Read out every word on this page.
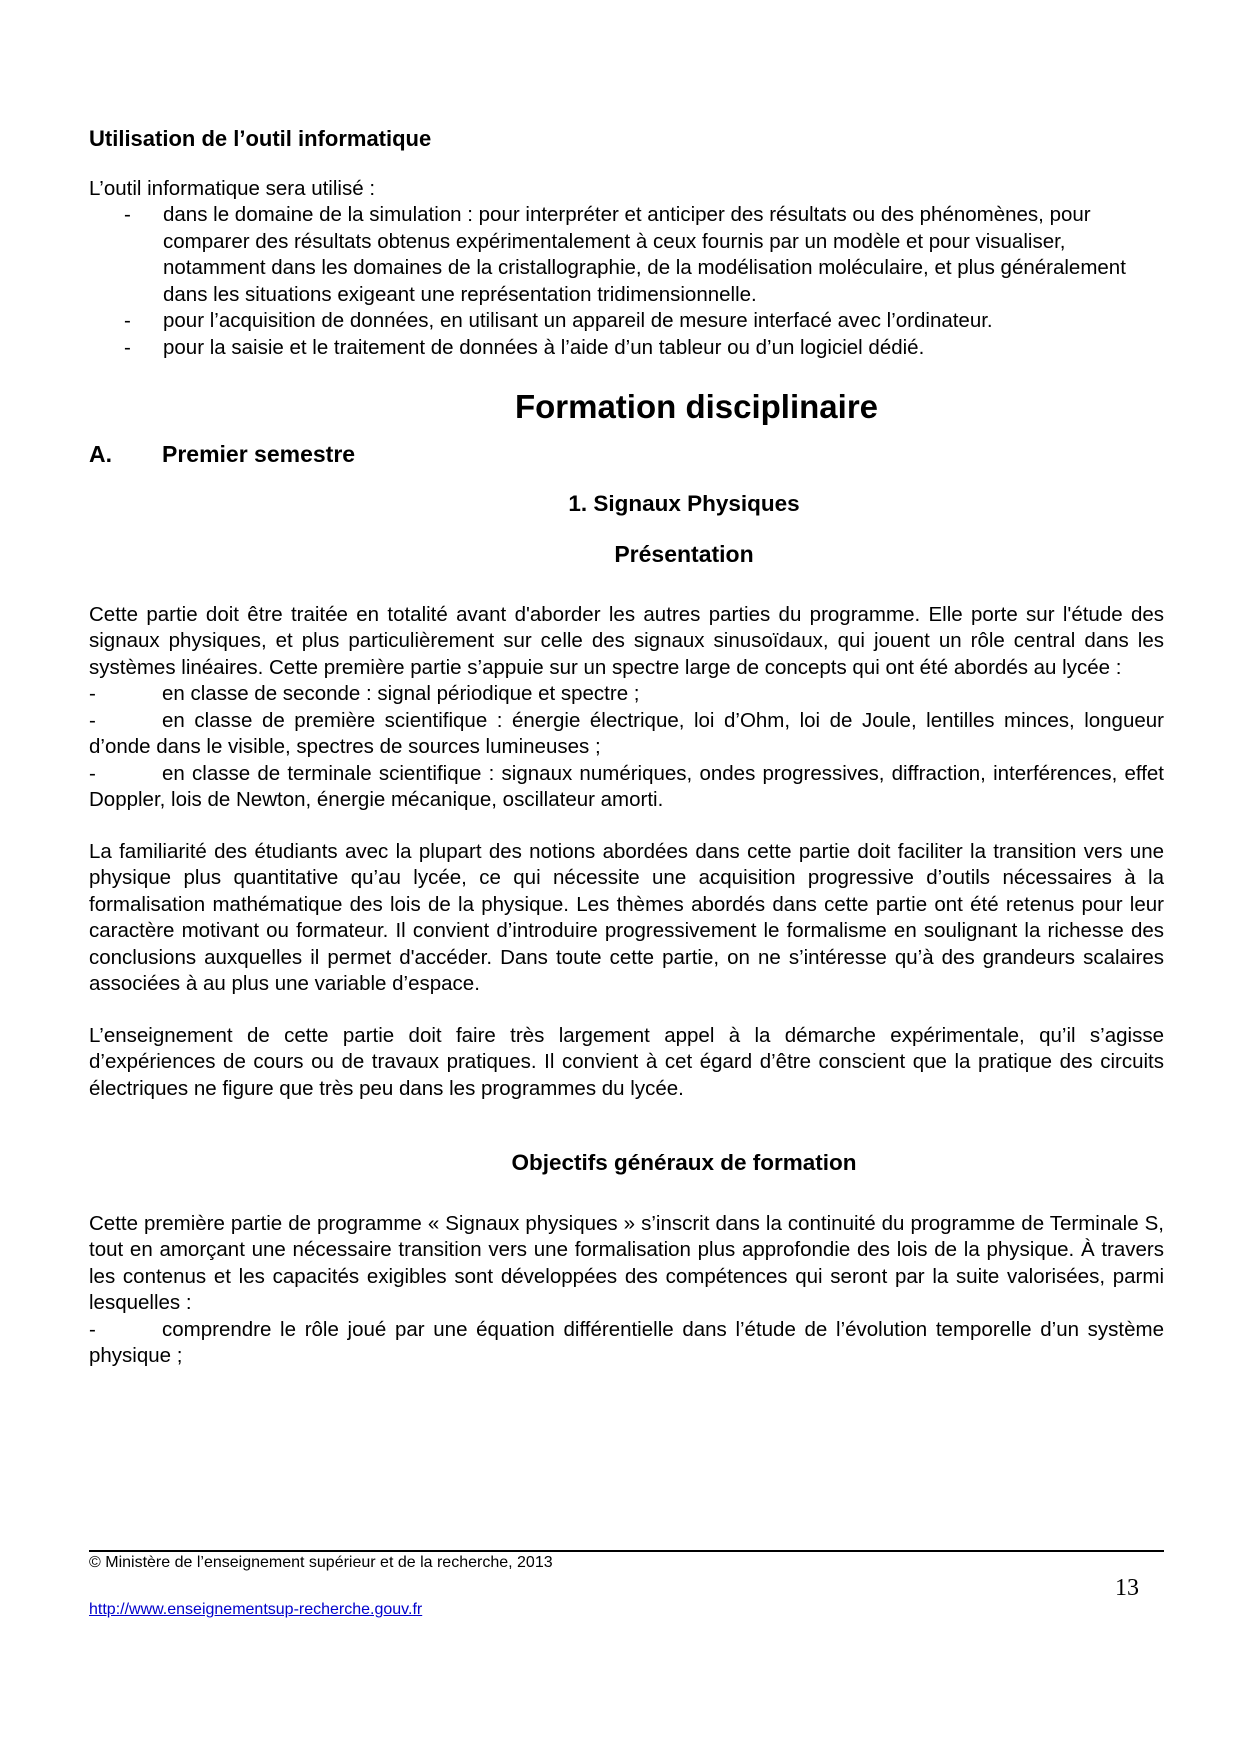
Utilisation de l’outil informatique

L’outil informatique sera utilisé :

- dans le domaine de la simulation : pour interpréter et anticiper des résultats ou des phénomènes, pour comparer des résultats obtenus expérimentalement à ceux fournis par un modèle et pour visualiser, notamment dans les domaines de la cristallographie, de la modélisation moléculaire, et plus généralement dans les situations exigeant une représentation tridimensionnelle.
- pour l’acquisition de données, en utilisant un appareil de mesure interfacé avec l’ordinateur.
- pour la saisie et le traitement de données à l’aide d’un tableur ou d’un logiciel dédié.
Formation disciplinaire
A.	Premier semestre
1. Signaux Physiques
Présentation

Cette partie doit être traitée en totalité avant d'aborder les autres parties du programme. Elle porte sur l'étude des signaux physiques, et plus particulièrement sur celle des signaux sinusoïdaux, qui jouent un rôle central dans les systèmes linéaires. Cette première partie s’appuie sur un spectre large de concepts qui ont été abordés au lycée :

-	en classe de seconde : signal périodique et spectre ;

-	en classe de première scientifique : énergie électrique, loi d’Ohm, loi de Joule, lentilles minces, longueur d’onde dans le visible, spectres de sources lumineuses ;

-	en classe de terminale scientifique : signaux numériques, ondes progressives, diffraction, interférences, effet Doppler, lois de Newton, énergie mécanique, oscillateur amorti.

La familiarité des étudiants avec la plupart des notions abordées dans cette partie doit faciliter la transition vers une physique plus quantitative qu’au lycée, ce qui nécessite une acquisition progressive d’outils nécessaires à la formalisation mathématique des lois de la physique. Les thèmes abordés dans cette partie ont été retenus pour leur caractère motivant ou formateur. Il convient d’introduire progressivement le formalisme en soulignant la richesse des conclusions auxquelles il permet d'accéder. Dans toute cette partie, on ne s’intéresse qu’à des grandeurs scalaires associées à au plus une variable d’espace.

L’enseignement de cette partie doit faire très largement appel à la démarche expérimentale, qu’il s’agisse d’expériences de cours ou de travaux pratiques. Il convient à cet égard d’être conscient que la pratique des circuits électriques ne figure que très peu dans les programmes du lycée.

Objectifs généraux de formation

Cette première partie de programme « Signaux physiques » s’inscrit dans la continuité du programme de Terminale S, tout en amorçant une nécessaire transition vers une formalisation plus approfondie des lois de la physique. À travers les contenus et les capacités exigibles sont développées des compétences qui seront par la suite valorisées, parmi lesquelles :

-	comprendre le rôle joué par une équation différentielle dans l’étude de l’évolution temporelle d’un système physique ;

© Ministère de l’enseignement supérieur et de la recherche, 2013
13
http://www.enseignementsup-recherche.gouv.fr
